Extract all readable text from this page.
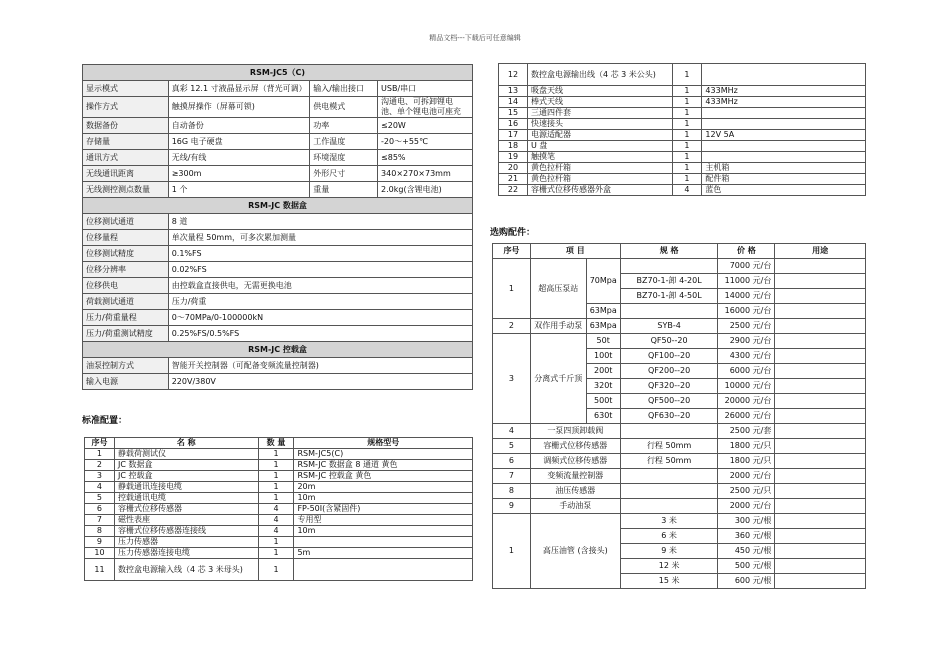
精品文档---下载后可任意编辑
RSM-JC5（C)			
显示模式	真彩 12.1 寸液晶显示屏（背光可调）	输入/输出接口	USB/串口
操作方式	触摸屏操作（屏幕可锁)	供电模式	沟通电、可拆卸锂电池、单个锂电池可座充
数据备份	自动备份	功率	≤20W
存储量	16G 电子硬盘	工作温度	-20～+55℃
通讯方式	无线/有线	环境湿度	≤85%
无线通讯距离	≥300m	外形尺寸	340×270×73mm
无线测控测点数量	1 个	重量	2.0kg(含锂电池)
RSM-JC 数据盒			
位移测试通道	8 道		
位移量程	单次量程 50mm，可多次累加测量		
位移测试精度	0.1%FS		
位移分辨率	0.02%FS		
位移供电	由控载盒直接供电，无需更换电池		
荷载测试通道	压力/荷重		
压力/荷重量程	0～70MPa/0-100000kN		
压力/荷重测试精度	0.25%FS/0.5%FS		
RSM-JC 控载盒			
油泵控制方式	智能开关控制器（可配备变频流量控制器)		
输入电源	220V/380V		
标准配置：
序号	名 称	数 量	规格型号
1	静载荷测试仪	1	RSM-JC5(C)
2	JC 数据盒	1	RSM-JC 数据盒 8 通道 黄色
3	JC 控载盒	1	RSM-JC 控载盒 黄色
4	静载通讯连接电缆	1	20m
5	控载通讯电缆	1	10m
6	容栅式位移传感器	4	FP-50I(含紧固件)
7	磁性表座	4	专用型
8	容栅式位移传感器连接线	4	10m
9	压力传感器	1	
10	压力传感器连接电缆	1	5m
11	数控盒电源输入线（4 芯 3 米母头)	1	
12	数控盒电源输出线（4 芯 3 米公头)	1	
13	吸盘天线	1	433MHz
14	棒式天线	1	433MHz
15	三通四件套	1	
16	快速接头	1	
17	电源适配器	1	12V 5A
18	U 盘	1	
19	触摸笔	1	
20	黄色拉杆箱	1	主机箱
21	黄色拉杆箱	1	配件箱
22	容栅式位移传感器外盒	4	蓝色
选购配件：
序号	项 目		规 格	价 格	用途
1	超高压泵站	70Mpa		7000 元/台	
			BZ70-1-卸 4-20L	11000 元/台	
			BZ70-1-卸 4-50L	14000 元/台	
		63Mpa		16000 元/台	
2	双作用手动泵	63Mpa	SYB-4	2500 元/台	
3	分离式千斤顶	50t	QF50--20	2900 元/台	
		100t	QF100--20	4300 元/台	
		200t	QF200--20	6000 元/台	
		320t	QF320--20	10000 元/台	
		500t	QF500--20	20000 元/台	
		630t	QF630--20	26000 元/台	
4	一泵四顶卸载阀			2500 元/套	
5	容栅式位移传感器		行程 50mm	1800 元/只	
6	调频式位移传感器		行程 50mm	1800 元/只	
7	变频流量控制器			2000 元/台	
8	油压传感器			2500 元/只	
9	手动油泵			2000 元/台	
1	高压油管 (含接头)		3 米	300 元/根	
			6 米	360 元/根	
			9 米	450 元/根	
			12 米	500 元/根	
			15 米	600 元/根	
